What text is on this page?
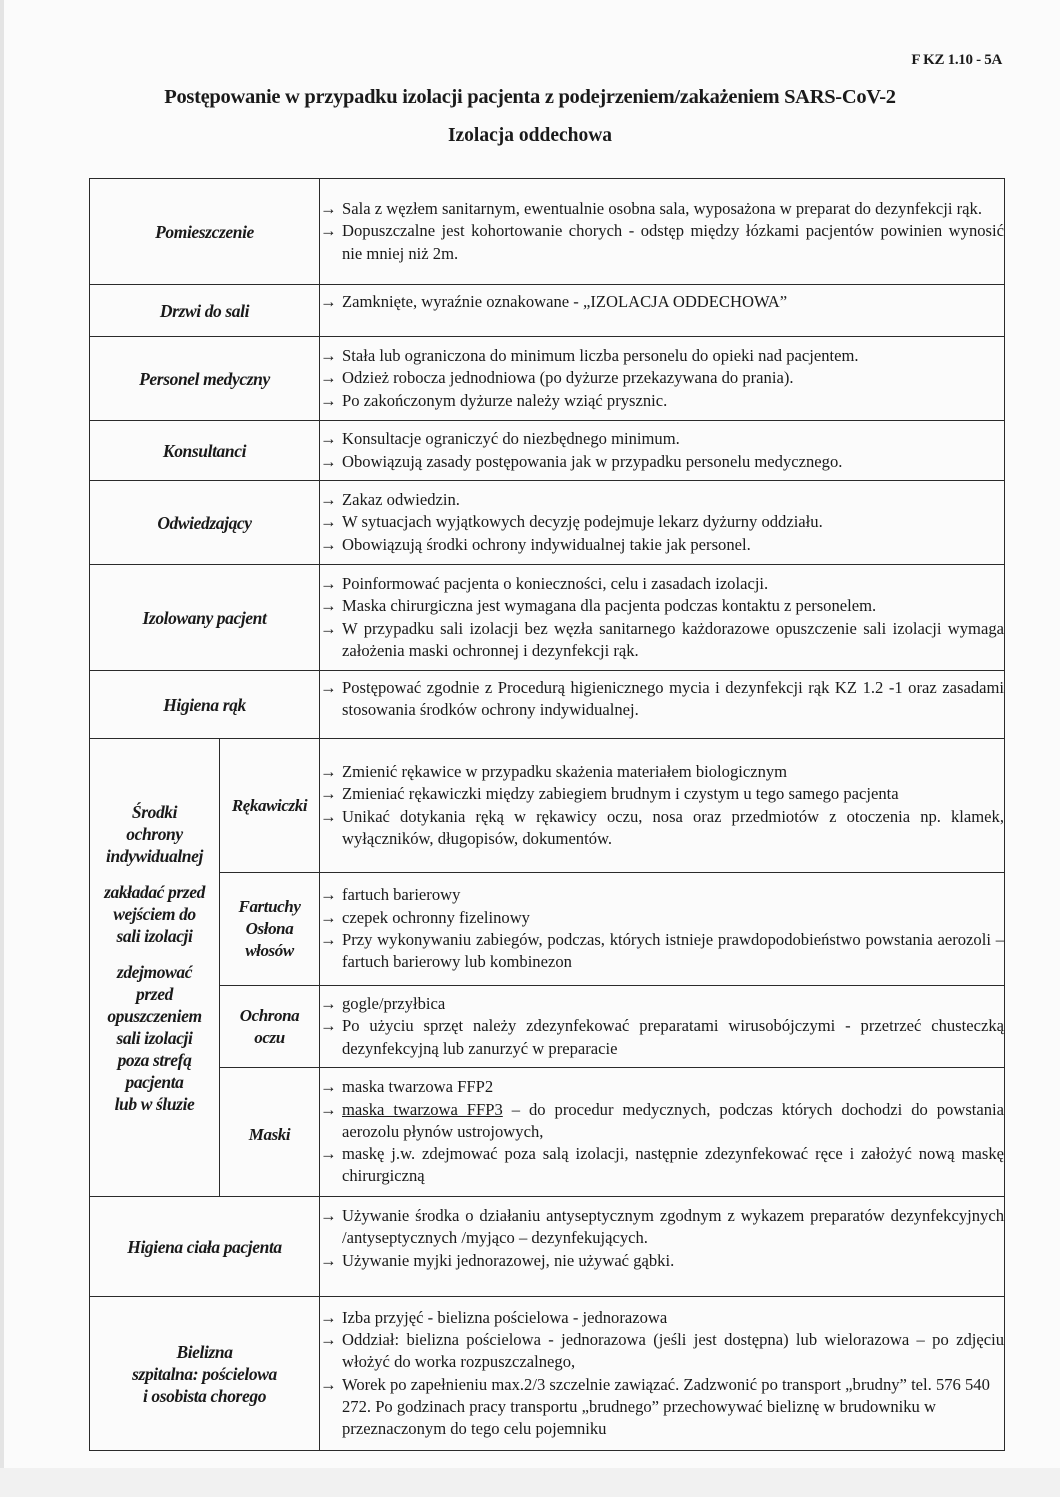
F KZ 1.10 - 5A
Postępowanie w przypadku izolacji pacjenta z podejrzeniem/zakażeniem SARS-CoV-2
Izolacja oddechowa
Pomieszczenie		→ Sala z węzłem sanitarnym, ewentualnie osobna sala, wyposażona w preparat do dezynfekcji rąk.
→ Dopuszczalne jest kohortowanie chorych - odstęp między łózkami pacjentów powinien wynosić nie mniej niż 2m.

Drzwi do sali		→ Zamknięte, wyraźnie oznakowane - „IZOLACJA ODDECHOWA”

Personel medyczny	
→ Stała lub ograniczona do minimum liczba personelu do opieki nad pacjentem.
→ Odzież robocza jednodniowa (po dyżurze przekazywana do prania).
→ Po zakończonym dyżurze należy wziąć prysznic.

Konsultanci		→ Konsultacje ograniczyć do niezbędnego minimum.
→ Obowiązują zasady postępowania jak w przypadku personelu medycznego.

Odwiedzający	
→ Zakaz odwiedzin.
→ W sytuacjach wyjątkowych decyzję podejmuje lekarz dyżurny oddziału.
→ Obowiązują środki ochrony indywidualnej takie jak personel.

Izolowany pacjent	
→ Poinformować pacjenta o konieczności, celu i zasadach izolacji.
→ Maska chirurgiczna jest wymagana dla pacjenta podczas kontaktu z personelem.
→ W przypadku sali izolacji bez węzła sanitarnego każdorazowe opuszczenie sali izolacji wymaga założenia maski ochronnej i dezynfekcji rąk.

Higiena rąk		→ Postępować zgodnie z Procedurą higienicznego mycia i dezynfekcji rąk KZ 1.2 -1 oraz zasadami stosowania środków ochrony indywidualnej.

Środki
ochrony
indywidualnej
zakładać przed
wejściem do
sali izolacji
zdejmować
przed
opuszczeniem
sali izolacji
poza strefą
pacjenta
lub w śluzie

Rękawiczki

→ Zmienić rękawice w przypadku skażenia materiałem biologicznym
→ Zmieniać rękawiczki między zabiegiem brudnym i czystym u tego samego pacjenta
→ Unikać dotykania ręką w rękawicy oczu, nosa oraz przedmiotów z otoczenia np. klamek, wyłączników, długopisów, dokumentów.

Fartuchy
Osłona
włosów

→ fartuch barierowy
→ czepek ochronny fizelinowy
→ Przy wykonywaniu zabiegów, podczas, których istnieje prawdopodobieństwo powstania aerozoli – fartuch barierowy lub kombinezon

Ochrona
oczu

→ gogle/przyłbica
→ Po użyciu sprzęt należy zdezynfekować preparatami wirusobójczymi - przetrzeć chusteczką dezynfekcyjną lub zanurzyć w preparacie

Maski

→ maska twarzowa FFP2
→ maska twarzowa FFP3 – do procedur medycznych, podczas których dochodzi do powstania aerozolu płynów ustrojowych,
→ maskę j.w. zdejmować poza salą izolacji, następnie zdezynfekować ręce i założyć nową maskę chirurgiczną

Higiena ciała pacjenta		→ Używanie środka o działaniu antyseptycznym zgodnym z wykazem preparatów dezynfekcyjnych /antyseptycznych /myjąco – dezynfekujących.
→ Używanie myjki jednorazowej, nie używać gąbki.

Bielizna
szpitalna: pościelowa
i osobista chorego

→ Izba przyjęć - bielizna pościelowa - jednorazowa
→ Oddział: bielizna pościelowa - jednorazowa (jeśli jest dostępna) lub wielorazowa – po zdjęciu włożyć do worka rozpuszczalnego,
→ Worek po zapełnieniu max.2/3 szczelnie zawiązać. Zadzwonić po transport „brudny” tel. 576 540 272. Po godzinach pracy transportu „brudnego” przechowywać bieliznę w brudowniku w przeznaczonym do tego celu pojemniku
